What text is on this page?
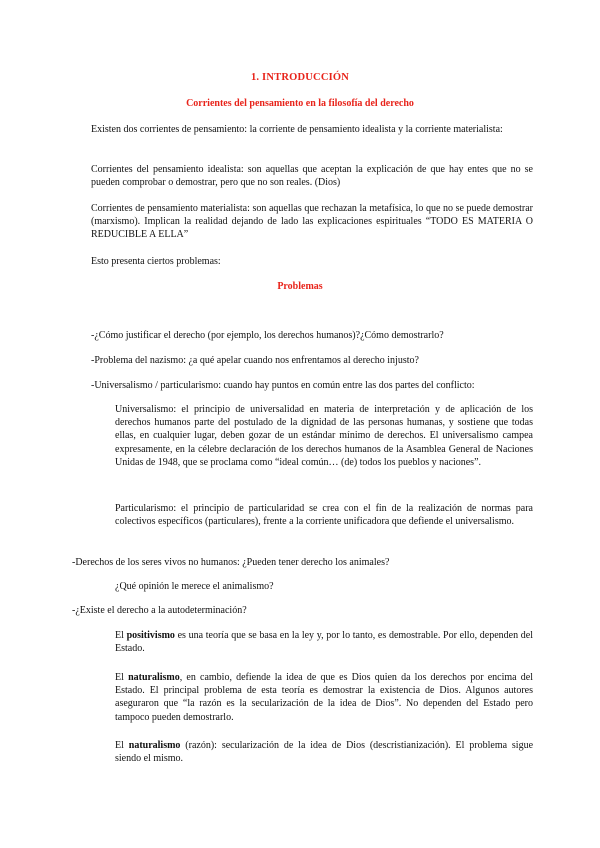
1. INTRODUCCIÓN
Corrientes del pensamiento en la filosofía del derecho

Existen dos corrientes de pensamiento: la corriente de pensamiento idealista y la corriente materialista:

Corrientes del pensamiento idealista: son aquellas que aceptan la explicación de que hay entes que no se pueden comprobar o demostrar, pero que no son reales. (Dios)

Corrientes de pensamiento materialista: son aquellas que rechazan la metafísica, lo que no se puede demostrar (marxismo). Implican la realidad dejando de lado las explicaciones espirituales “TODO ES MATERIA O REDUCIBLE A ELLA”

Esto presenta ciertos problemas:

Problemas

-¿Cómo justificar el derecho (por ejemplo, los derechos humanos)?¿Cómo demostrarlo?

-Problema del nazismo: ¿a qué apelar cuando nos enfrentamos al derecho injusto?

-Universalismo / particularismo: cuando hay puntos en común entre las dos partes del conflicto:

Universalismo: el principio de universalidad en materia de interpretación y de aplicación de los derechos humanos parte del postulado de la dignidad de las personas humanas, y sostiene que todas ellas, en cualquier lugar, deben gozar de un estándar mínimo de derechos. El universalismo campea expresamente, en la célebre declaración de los derechos humanos de la Asamblea General de Naciones Unidas de 1948, que se proclama como “ideal común… (de) todos los pueblos y naciones”.

Particularismo: el principio de particularidad se crea con el fin de la realización de normas para colectivos específicos (particulares), frente a la corriente unificadora que defiende el universalismo.

-Derechos de los seres vivos no humanos: ¿Pueden tener derecho los animales?

¿Qué opinión le merece el animalismo?

-¿Existe el derecho a la autodeterminación?

El positivismo es una teoría que se basa en la ley y, por lo tanto, es demostrable. Por ello, dependen del Estado.

El naturalismo, en cambio, defiende la idea de que es Dios quien da los derechos por encima del Estado. El principal problema de esta teoría es demostrar la existencia de Dios. Algunos autores aseguraron que “la razón es la secularización de la idea de Dios”. No dependen del Estado pero tampoco pueden demostrarlo.

El naturalismo (razón): secularización de la idea de Dios (descristianización). El problema sigue siendo el mismo.
